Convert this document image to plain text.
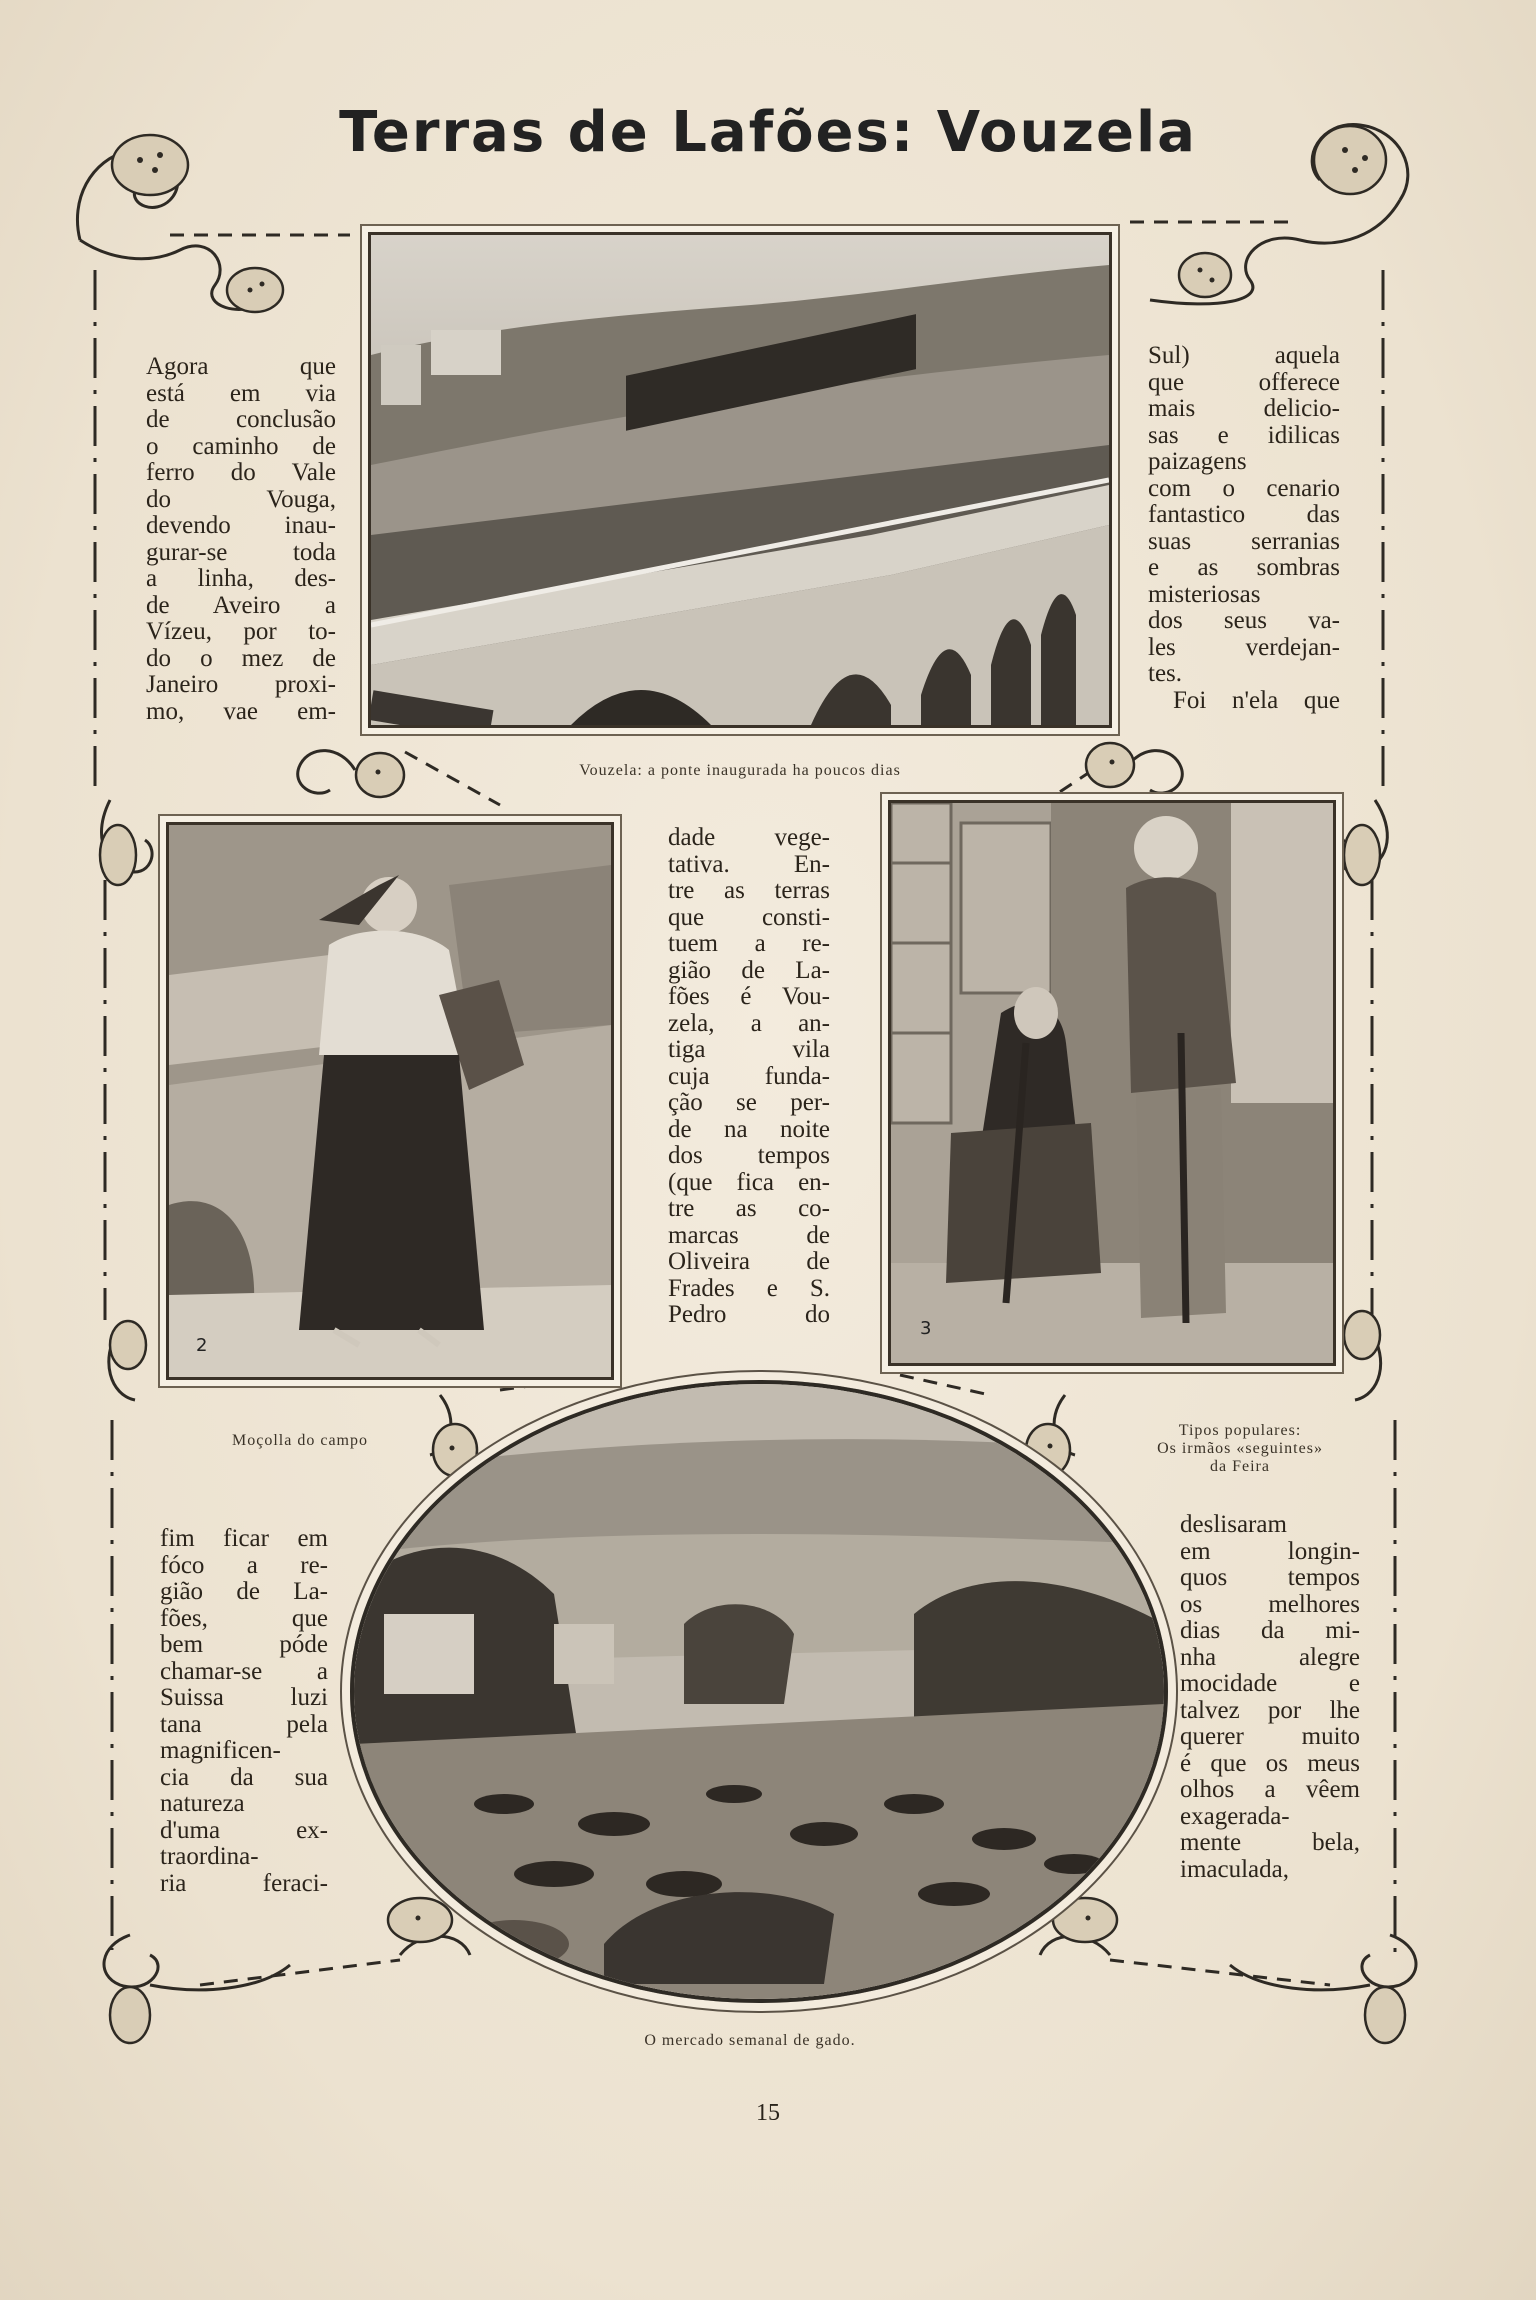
Terras de Lafões: Vouzela
2
3
Agora que
está em via
de conclusão
o caminho de
ferro do Vale
do Vouga,
devendo inau-
gurar-se toda
a linha, des-
de Aveiro a
Vízeu, por to-
do o mez de
Janeiro proxi-
mo, vae em-
Sul) aquela
que offerece
mais delicio-
sas e idilicas
paizagens
com o cenario
fantastico das
suas serranias
e as sombras
misteriosas
dos seus va-
les verdejan-
tes.
Foi n'ela que
dade vege-
tativa. En-
tre as terras
que consti-
tuem a re-
gião de La-
fões é Vou-
zela, a an-
tiga vila
cuja funda-
ção se per-
de na noite
dos tempos
(que fica en-
tre as co-
marcas de
Oliveira de
Frades e S.
Pedro do
fim ficar em
fóco a re-
gião de La-
fões, que
bem póde
chamar-se a
Suissa luzi
tana pela
magnificen-
cia da sua
natureza
d'uma ex-
traordina-
ria feraci-
deslisaram
em longin-
quos tempos
os melhores
dias da mi-
nha alegre
mocidade e
talvez por lhe
querer muito
é que os meus
olhos a vêem
exagerada-
mente bela,
imaculada,
Vouzela: a ponte inaugurada ha poucos dias
Moçolla do campo
Tipos populares:
Os irmãos «seguintes»
da Feira
O mercado semanal de gado.
15
